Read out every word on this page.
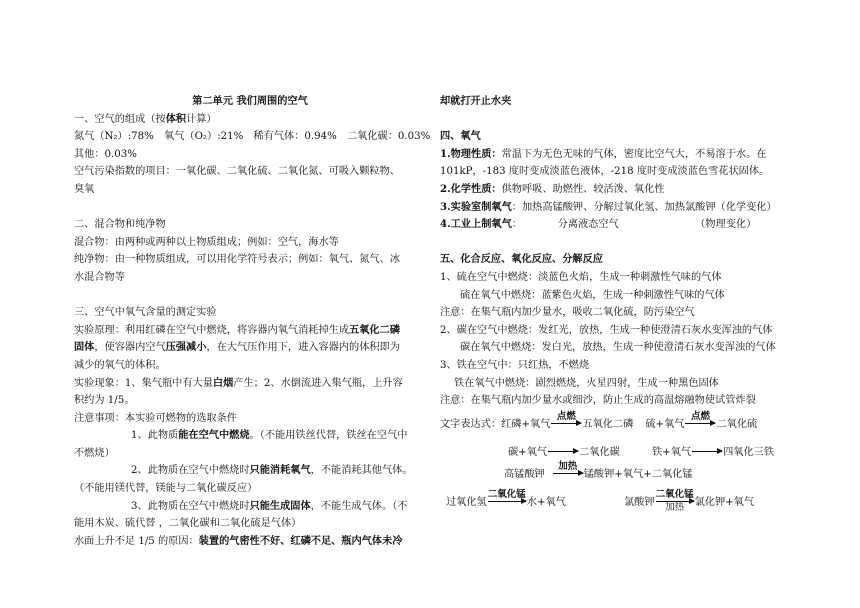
第二单元 我们周围的空气
一、空气的组成（按体积计算）
氮气（N₂）:78%　氧气（O₂）:21%　稀有气体：0.94%　二氧化碳：0.03%
其他：0.03%
空气污染指数的项目：一氧化碳、二氧化硫、二氧化氮、可吸入颗粒物、
臭氧
二、混合物和纯净物
混合物：由两种或两种以上物质组成；例如：空气，海水等
纯净物：由一种物质组成，可以用化学符号表示；例如：氧气、氮气、冰
水混合物等
三、空气中氧气含量的测定实验
实验原理：利用红磷在空气中燃烧，将容器内氧气消耗掉生成五氧化二磷
固体，使容器内空气压强减小，在大气压作用下，进入容器内的体积即为
减少的氧气的体积。
实验现象：1、集气瓶中有大量白烟产生；2、水倒流进入集气瓶，上升容
积约为 1/5。
注意事项：本实验可燃物的选取条件
1、此物质能在空气中燃烧。（不能用铁丝代替，铁丝在空气中
不燃烧）
2、此物质在空气中燃烧时只能消耗氧气，不能消耗其他气体。
（不能用镁代替，镁能与二氧化碳反应）
3、此物质在空气中燃烧时只能生成固体，不能生成气体。（不
能用木炭、硫代替 ，二氧化碳和二氧化硫是气体）
水面上升不足 1/5 的原因：装置的气密性不好、红磷不足、瓶内气体未冷
却就打开止水夹
四、氧气
1.物理性质：常温下为无色无味的气体，密度比空气大，不易溶于水。在
101kP，-183 度时变成淡蓝色液体，-218 度时变成淡蓝色雪花状固体。
2.化学性质：供物呼吸、助燃性、较活泼、氧化性
3.实验室制氧气：加热高锰酸钾、分解过氧化氢、加热氯酸钾（化学变化）
4.工业上制氧气：　　　　分离液态空气　　　　　　　　（物理变化）
五、化合反应、氧化反应、分解反应
1、硫在空气中燃烧：淡蓝色火焰，生成一种刺激性气味的气体
硫在氧气中燃烧：蓝紫色火焰，生成一种刺激性气味的气体
注意：在集气瓶内加少量水，吸收二氧化硫，防污染空气
2、碳在空气中燃烧：发红光，放热，生成一种使澄清石灰水变浑浊的气体
碳在氧气中燃烧：发白光，放热，生成一种使澄清石灰水变浑浊的气体
3、铁在空气中：只红热，不燃烧
铁在氧气中燃烧：剧烈燃烧，火星四射，生成一种黑色固体
注意：在集气瓶内加少量水或细沙，防止生成的高温熔融物使试管炸裂
文字表达式： 红磷+氧气
点燃
五氧化二磷 硫+氧气
点燃
二氧化硫
碳+氧气 → 二氧化碳	铁+氧气 → 四氧化三铁
高锰酸钾
加热
锰酸钾+氧气+二氧化锰
过氧化氢
二氧化锰
水+氧气	氯酸钾
二氧化锰
加热 氯化钾+氧气
